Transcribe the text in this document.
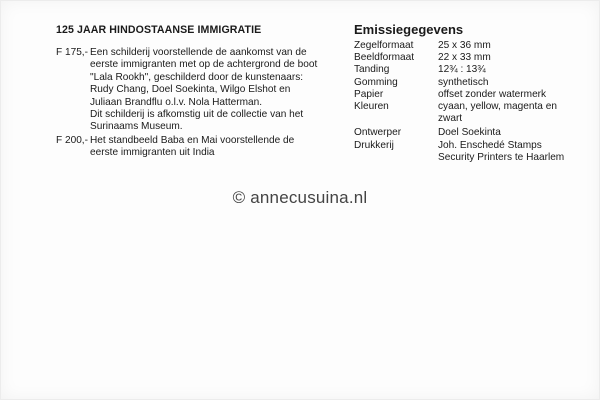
125 JAAR HINDOSTAANSE IMMIGRATIE
F 175,- Een schilderij voorstellende de aankomst van de
eerste immigranten met op de achtergrond de boot
"Lala Rookh", geschilderd door de kunstenaars:
Rudy Chang, Doel Soekinta, Wilgo Elshot en
Juliaan Brandflu o.l.v. Nola Hatterman.
Dit schilderij is afkomstig uit de collectie van het
Surinaams Museum.
F 200,- Het standbeeld Baba en Mai voorstellende de
eerste immigranten uit India
Emissiegegevens
Zegelformaat	25 x 36 mm
Beeldformaat	22 x 33 mm
Tanding	12¾ : 13¾
Gomming	synthetisch
Papier	offset zonder watermerk
Kleuren	cyaan, yellow, magenta en
zwart
Ontwerper	Doel Soekinta
Drukkerij	Joh. Enschedé Stamps
Security Printers te Haarlem
© annecusuina.nl
